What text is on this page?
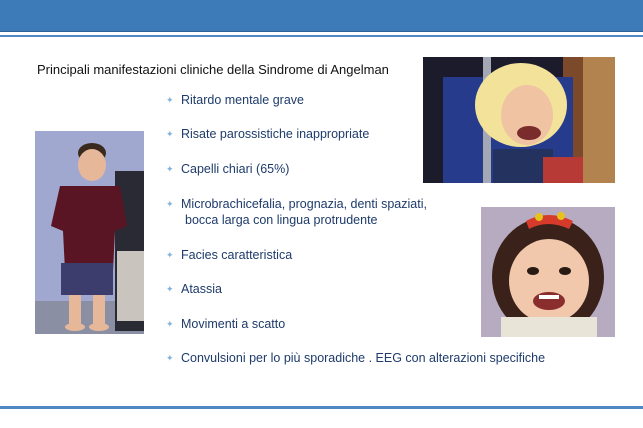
Principali manifestazioni cliniche della Sindrome di Angelman
✦ Ritardo mentale grave
✦ Risate parossistiche inappropriate
✦ Capelli chiari (65%)
✦ Microbrachicefalia, prognazia, denti spaziati,
bocca larga con lingua protrudente
✦ Facies caratteristica
✦ Atassia
✦ Movimenti a scatto
✦ Convulsioni per lo più sporadiche . EEG con alterazioni specifiche
